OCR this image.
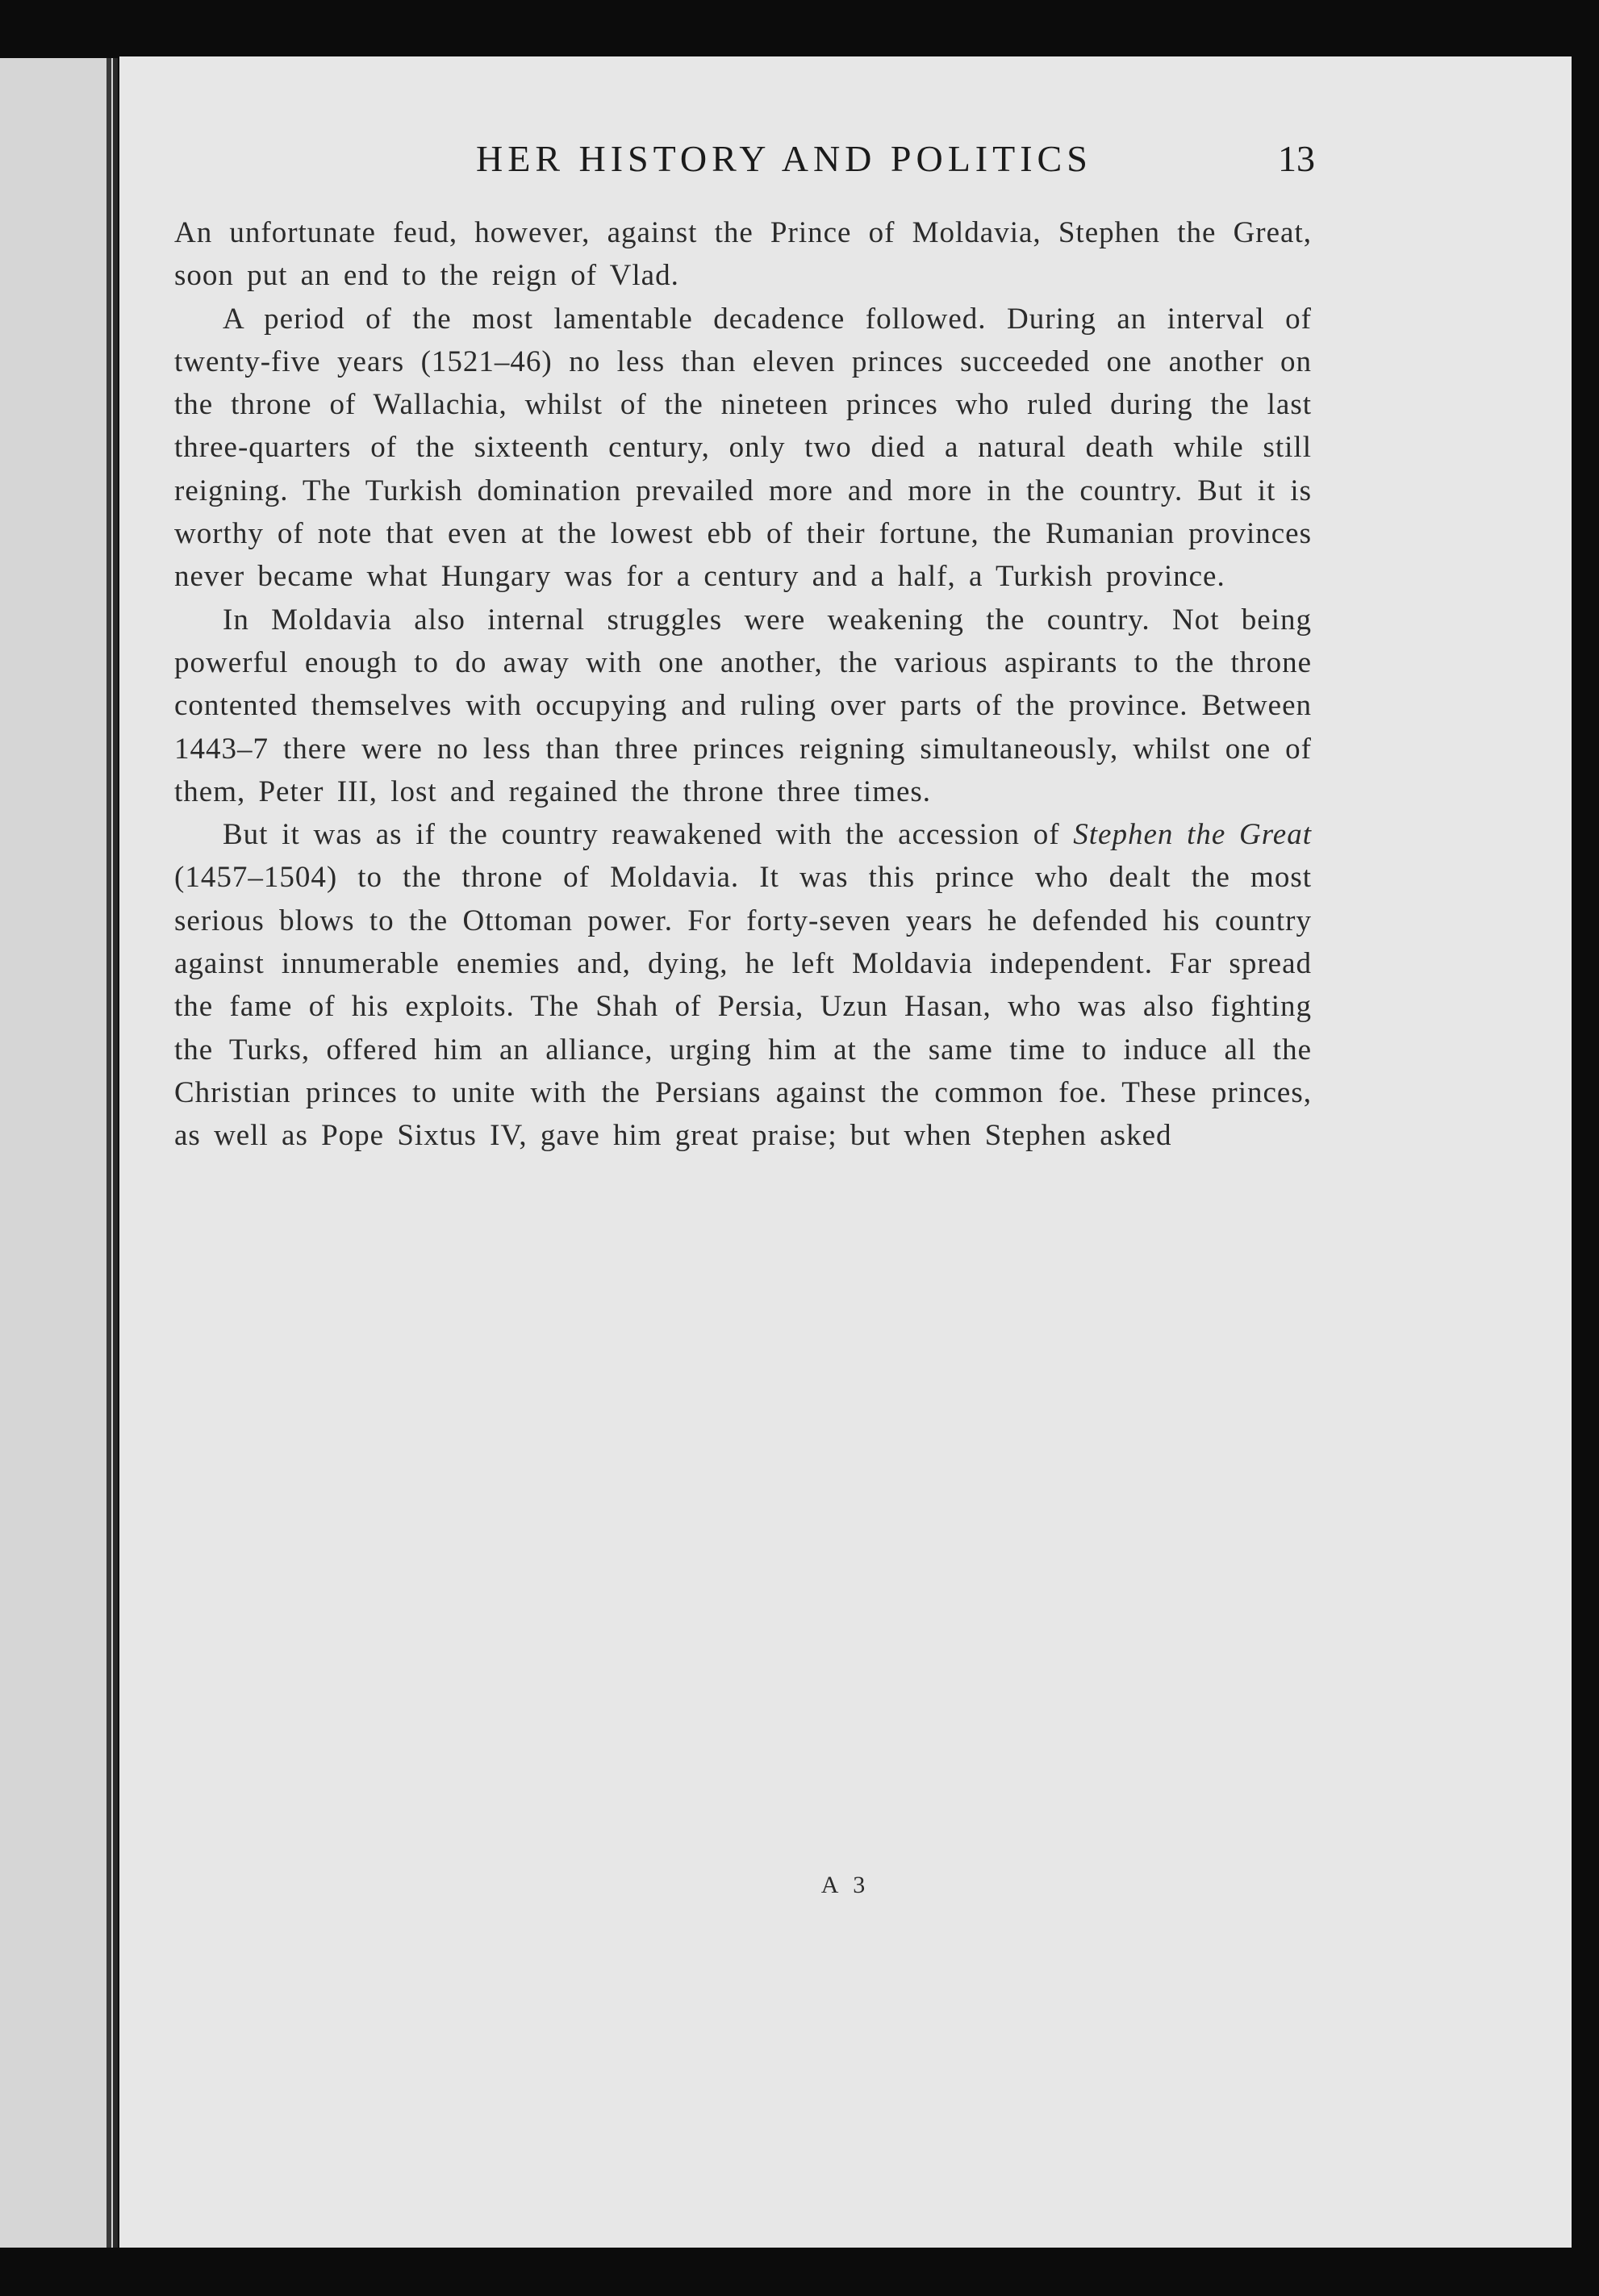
HER HISTORY AND POLITICS	13

An unfortunate feud, however, against the Prince of Moldavia, Stephen the Great, soon put an end to the reign of Vlad.

A period of the most lamentable decadence followed. During an interval of twenty-five years (1521–46) no less than eleven princes succeeded one another on the throne of Wallachia, whilst of the nineteen princes who ruled during the last three-quarters of the sixteenth century, only two died a natural death while still reigning. The Turkish domination prevailed more and more in the country. But it is worthy of note that even at the lowest ebb of their fortune, the Rumanian provinces never became what Hungary was for a century and a half, a Turkish province.

In Moldavia also internal struggles were weakening the country. Not being powerful enough to do away with one another, the various aspirants to the throne contented themselves with occupying and ruling over parts of the province. Between 1443–7 there were no less than three princes reigning simultaneously, whilst one of them, Peter III, lost and regained the throne three times.

But it was as if the country reawakened with the accession of Stephen the Great (1457–1504) to the throne of Moldavia. It was this prince who dealt the most serious blows to the Ottoman power. For forty-seven years he defended his country against innumerable enemies and, dying, he left Moldavia independent. Far spread the fame of his exploits. The Shah of Persia, Uzun Hasan, who was also fighting the Turks, offered him an alliance, urging him at the same time to induce all the Christian princes to unite with the Persians against the common foe. These princes, as well as Pope Sixtus IV, gave him great praise; but when Stephen asked

A 3
